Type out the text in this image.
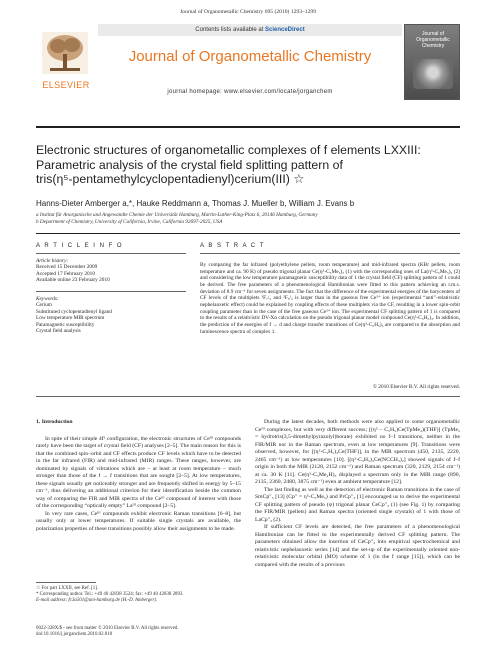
Journal of Organometallic Chemistry 695 (2010) 1293–1299
ELSEVIER
Contents lists available at ScienceDirect
Journal of Organometallic Chemistry
journal homepage: www.elsevier.com/locate/jorganchem
Journal of Organometallic Chemistry
Electronic structures of organometallic complexes of f elements LXXIII:
Parametric analysis of the crystal field splitting pattern of
tris(η⁵-pentamethylcyclopentadienyl)cerium(III) ☆
Hanns-Dieter Amberger a,*, Hauke Reddmann a, Thomas J. Mueller b, William J. Evans b
a Institut für Anorganische und Angewandte Chemie der Universität Hamburg, Martin-Luther-King-Platz 6, 20146 Hamburg, Germany
b Department of Chemistry, University of California, Irvine, California 92697-2025, USA
A R T I C L E I N F O
Article history:
Received 15 December 2009
Accepted 17 February 2010
Available online 23 February 2010
Keywords:
Cerium
Substituted cyclopentadienyl ligand
Low temperature MIR spectrum
Paramagnetic susceptibility
Crystal field analysis
A B S T R A C T
By comparing the far infrared (polyethylene pellets, room temperature) and mid-infrared spectra (KBr pellets, room temperature and ca. 90 K) of pseudo trigonal planar Ce(η⁵-C₅Me₅)₃ (1) with the corresponding ones of La(η⁵-C₅Me₅)₃ (2) and considering the low temperature paramagnetic susceptibility data of 1 the crystal field (CF) splitting pattern of 1 could be derived. The free parameters of a phenomenological Hamiltonian were fitted to this pattern achieving an r.m.s. deviation of 8.9 cm⁻¹ for seven assignments. The fact that the difference of the experimental energies of the barycenters of CF levels of the multiplets ²F₇/₂ and ²F₅/₂ is larger than in the gaseous free Ce³⁺ ion (experimental “anti”-relativistic nephelauxetic effect) could be explained by coupling effects of these multiplets via the CF, resulting in a lower spin-orbit coupling parameter than in the case of the free gaseous Ce³⁺ ion. The experimental CF splitting pattern of 1 is compared to the results of a relativistic DV-Xα calculation on the pseudo trigonal planar model compound Ce(η⁵-C₅H₅)₃. In addition, the prediction of the energies of f → d and charge transfer transitions of Ce(η⁵-C₅H₅)₃ are compared to the absorption and luminescence spectra of complex 1.
© 2010 Elsevier B.V. All rights reserved.
1. Introduction

In spite of their simple 4f¹ configuration, the electronic structures of Ceᴵᴵᴵ compounds rarely have been the target of crystal field (CF) analyses [2–5]. The main reason for this is that the combined spin–orbit and CF effects produce CF levels which have to be detected in the far infrared (FIR) and mid-infrared (MIR) ranges. These ranges, however, are dominated by signals of vibrations which are – at least at room temperature – much stronger than those of the f → f transitions that are sought [2–5]. At low temperatures, these signals usually get noticeably stronger and are frequently shifted in energy by 5–15 cm⁻¹, thus delivering an additional criterion for their identification beside the common way of comparing the FIR and MIR spectra of the Ceᴵᴵᴵ compound of interest with those of the corresponding “optically empty” Laᴵᴵᴵ compound [2–5].

In very rare cases, Ceᴵᴵᴵ compounds exhibit electronic Raman transitions [6–8], but usually only at lower temperatures. If suitable single crystals are available, the polarization properties of these transitions possibly allow their assignments to be made.

During the latest decades, both methods were also applied to some organometallic Ceᴵᴵᴵ complexes, but with very different success; [(η⁵ – C₅H₅)Ce(TpMe₂)(THF)] (TpMe₂ = hydrotris(3,5-dimethylpyrazolyl)borate) exhibited no f–f transitions, neither in the FIR/MIR nor in the Raman spectrum, even at low temperatures [9]. Transitions were observed, however, for [(η⁵-C₅H₅)₃Ce(THF)], in the MIR spectrum (450, 2135, 2220, 2465 cm⁻¹) at low temperatures [10]. [(η⁵-C₅H₅)₃Ce(NCCH₃)₂] showed signals of f–f origin in both the MIR (2128, 2152 cm⁻¹) and Raman spectrum (320, 2129, 2154 cm⁻¹) at ca. 30 K [11]. Ce(η⁵-C₅Me₄H)₃ displayed a spectrum only in the MIR range (890, 2135, 2360, 2480, 3875 cm⁻¹) even at ambient temperature [12].

The last finding as well as the detection of electronic Raman transitions in the case of SmCp″₃ [13] (Cp″ = η⁵-C₅Me₅) and PrCp″₃ [1] encouraged us to derive the experimental CF splitting pattern of pseudo (ψ) trigonal planar CeCp″₃ (1) (see Fig. 1) by comparing the FIR/MIR (pellets) and Raman spectra (oriented single crystals) of 1 with those of LaCp″₃ (2).

If sufficient CF levels are detected, the free parameters of a phenomenological Hamiltonian can be fitted to the experimentally derived CF splitting pattern. The parameters obtained allow the insertion of CeCp″₃ into empirical spectrochemical and relativistic nephelauxetic series [14] and the set-up of the experimentally oriented non-relativistic molecular orbital (MO) scheme of 1 (in the f range [15]), which can be compared with the results of a previous

☆ For part LXXII, see Ref. [1].
* Corresponding author. Tel.: +49 40 42838 3524; fax: +49 40 42838 2893.
E-mail address: fc3a501@uni-hamburg.de (H.-D. Amberger).
0022-328X/$ - see front matter © 2010 Elsevier B.V. All rights reserved.
doi:10.1016/j.jorganchem.2010.02.018
